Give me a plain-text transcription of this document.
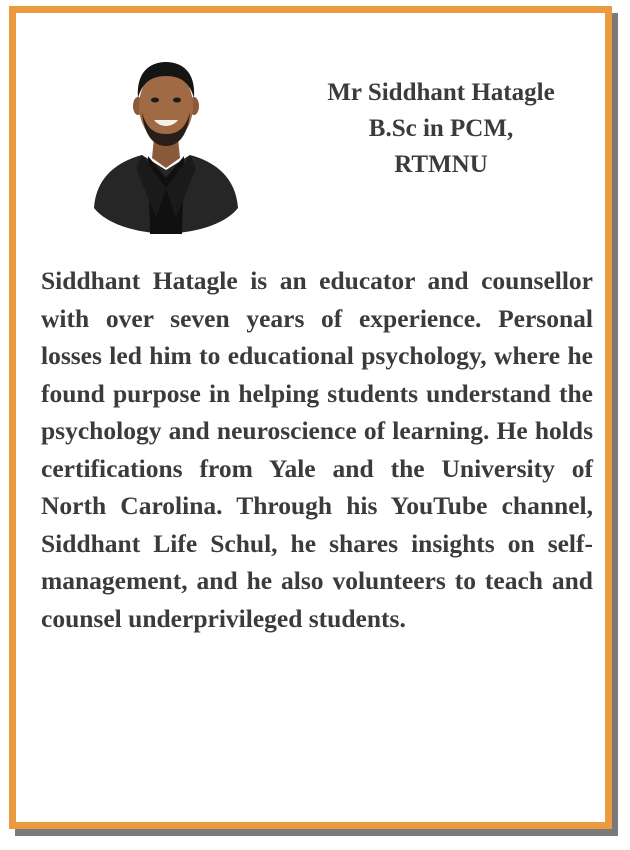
Mr Siddhant Hatagle
B.Sc in PCM,
RTMNU

Siddhant Hatagle is an educator and counsellor with over seven years of experience. Personal losses led him to educational psychology, where he found purpose in helping students understand the psychology and neuroscience of learning. He holds certifications from Yale and the University of North Carolina. Through his YouTube channel, Siddhant Life Schul, he shares insights on self-management, and he also volunteers to teach and counsel underprivileged students.
